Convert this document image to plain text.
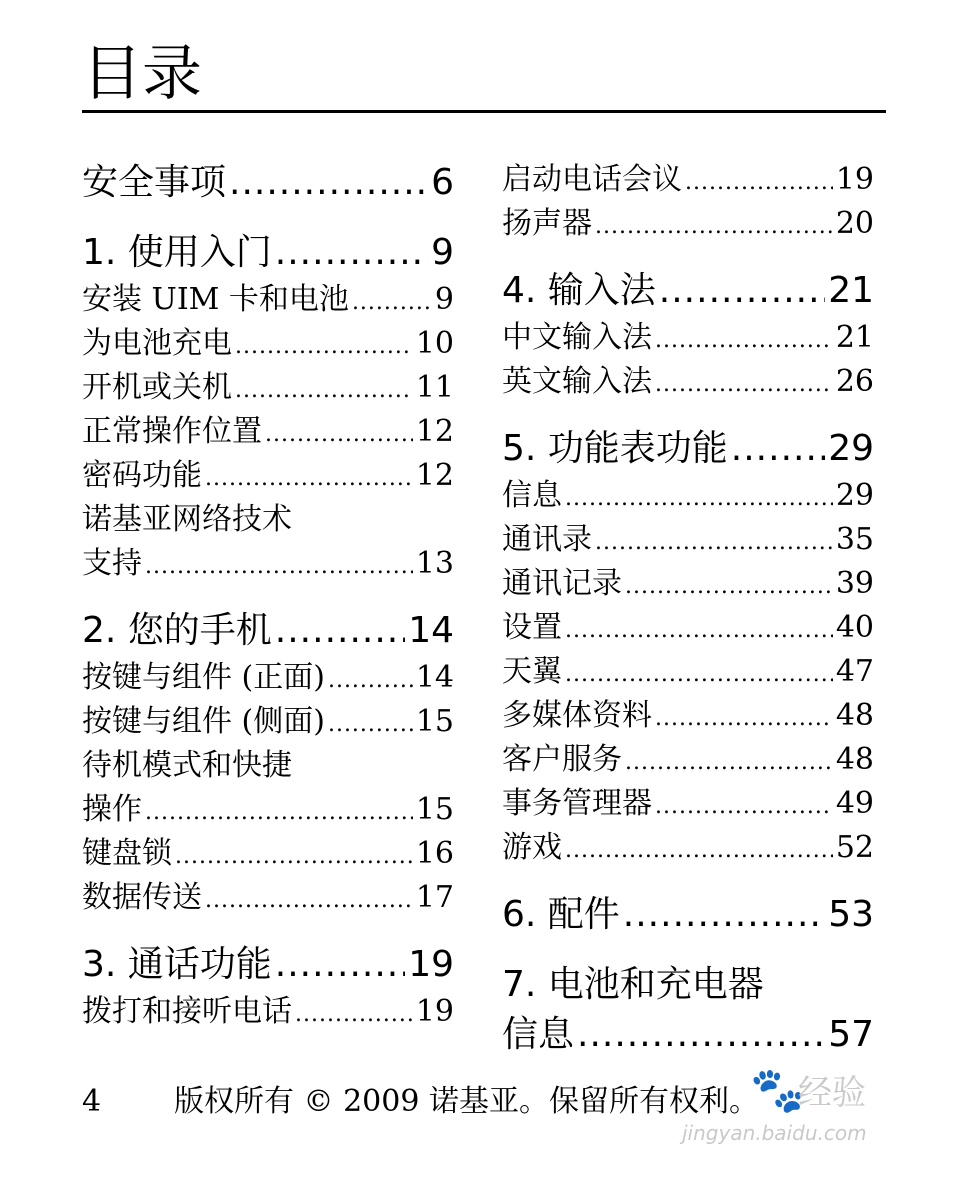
目录
安全事项 .....	6
1. 使用入门 .....	9
安装 UIM 卡和电池 .....	9
为电池充电 .....	10
开机或关机 .....	11
正常操作位置 .....	12
密码功能 .....	12
诺基亚网络技术
支持 .....	13
2. 您的手机 .....	14
按键与组件 (正面) .....	14
按键与组件 (侧面) .....	15
待机模式和快捷
操作 .....	15
键盘锁 .....	16
数据传送 .....	17
3. 通话功能 .....	19
拨打和接听电话 .....	19
启动电话会议 .....	19
扬声器 .....	20
4. 输入法 .....	21
中文输入法 .....	21
英文输入法 .....	26
5. 功能表功能 .....	29
信息 .....	29
通讯录 .....	35
通讯记录 .....	39
设置 .....	40
天翼 .....	47
多媒体资料 .....	48
客户服务 .....	48
事务管理器 .....	49
游戏 .....	52
6. 配件 .....	53
7. 电池和充电器
信息 .....	57
4 版权所有 © 2009 诺基亚。保留所有权利。
🐾
经验
jingyan.baidu.com
